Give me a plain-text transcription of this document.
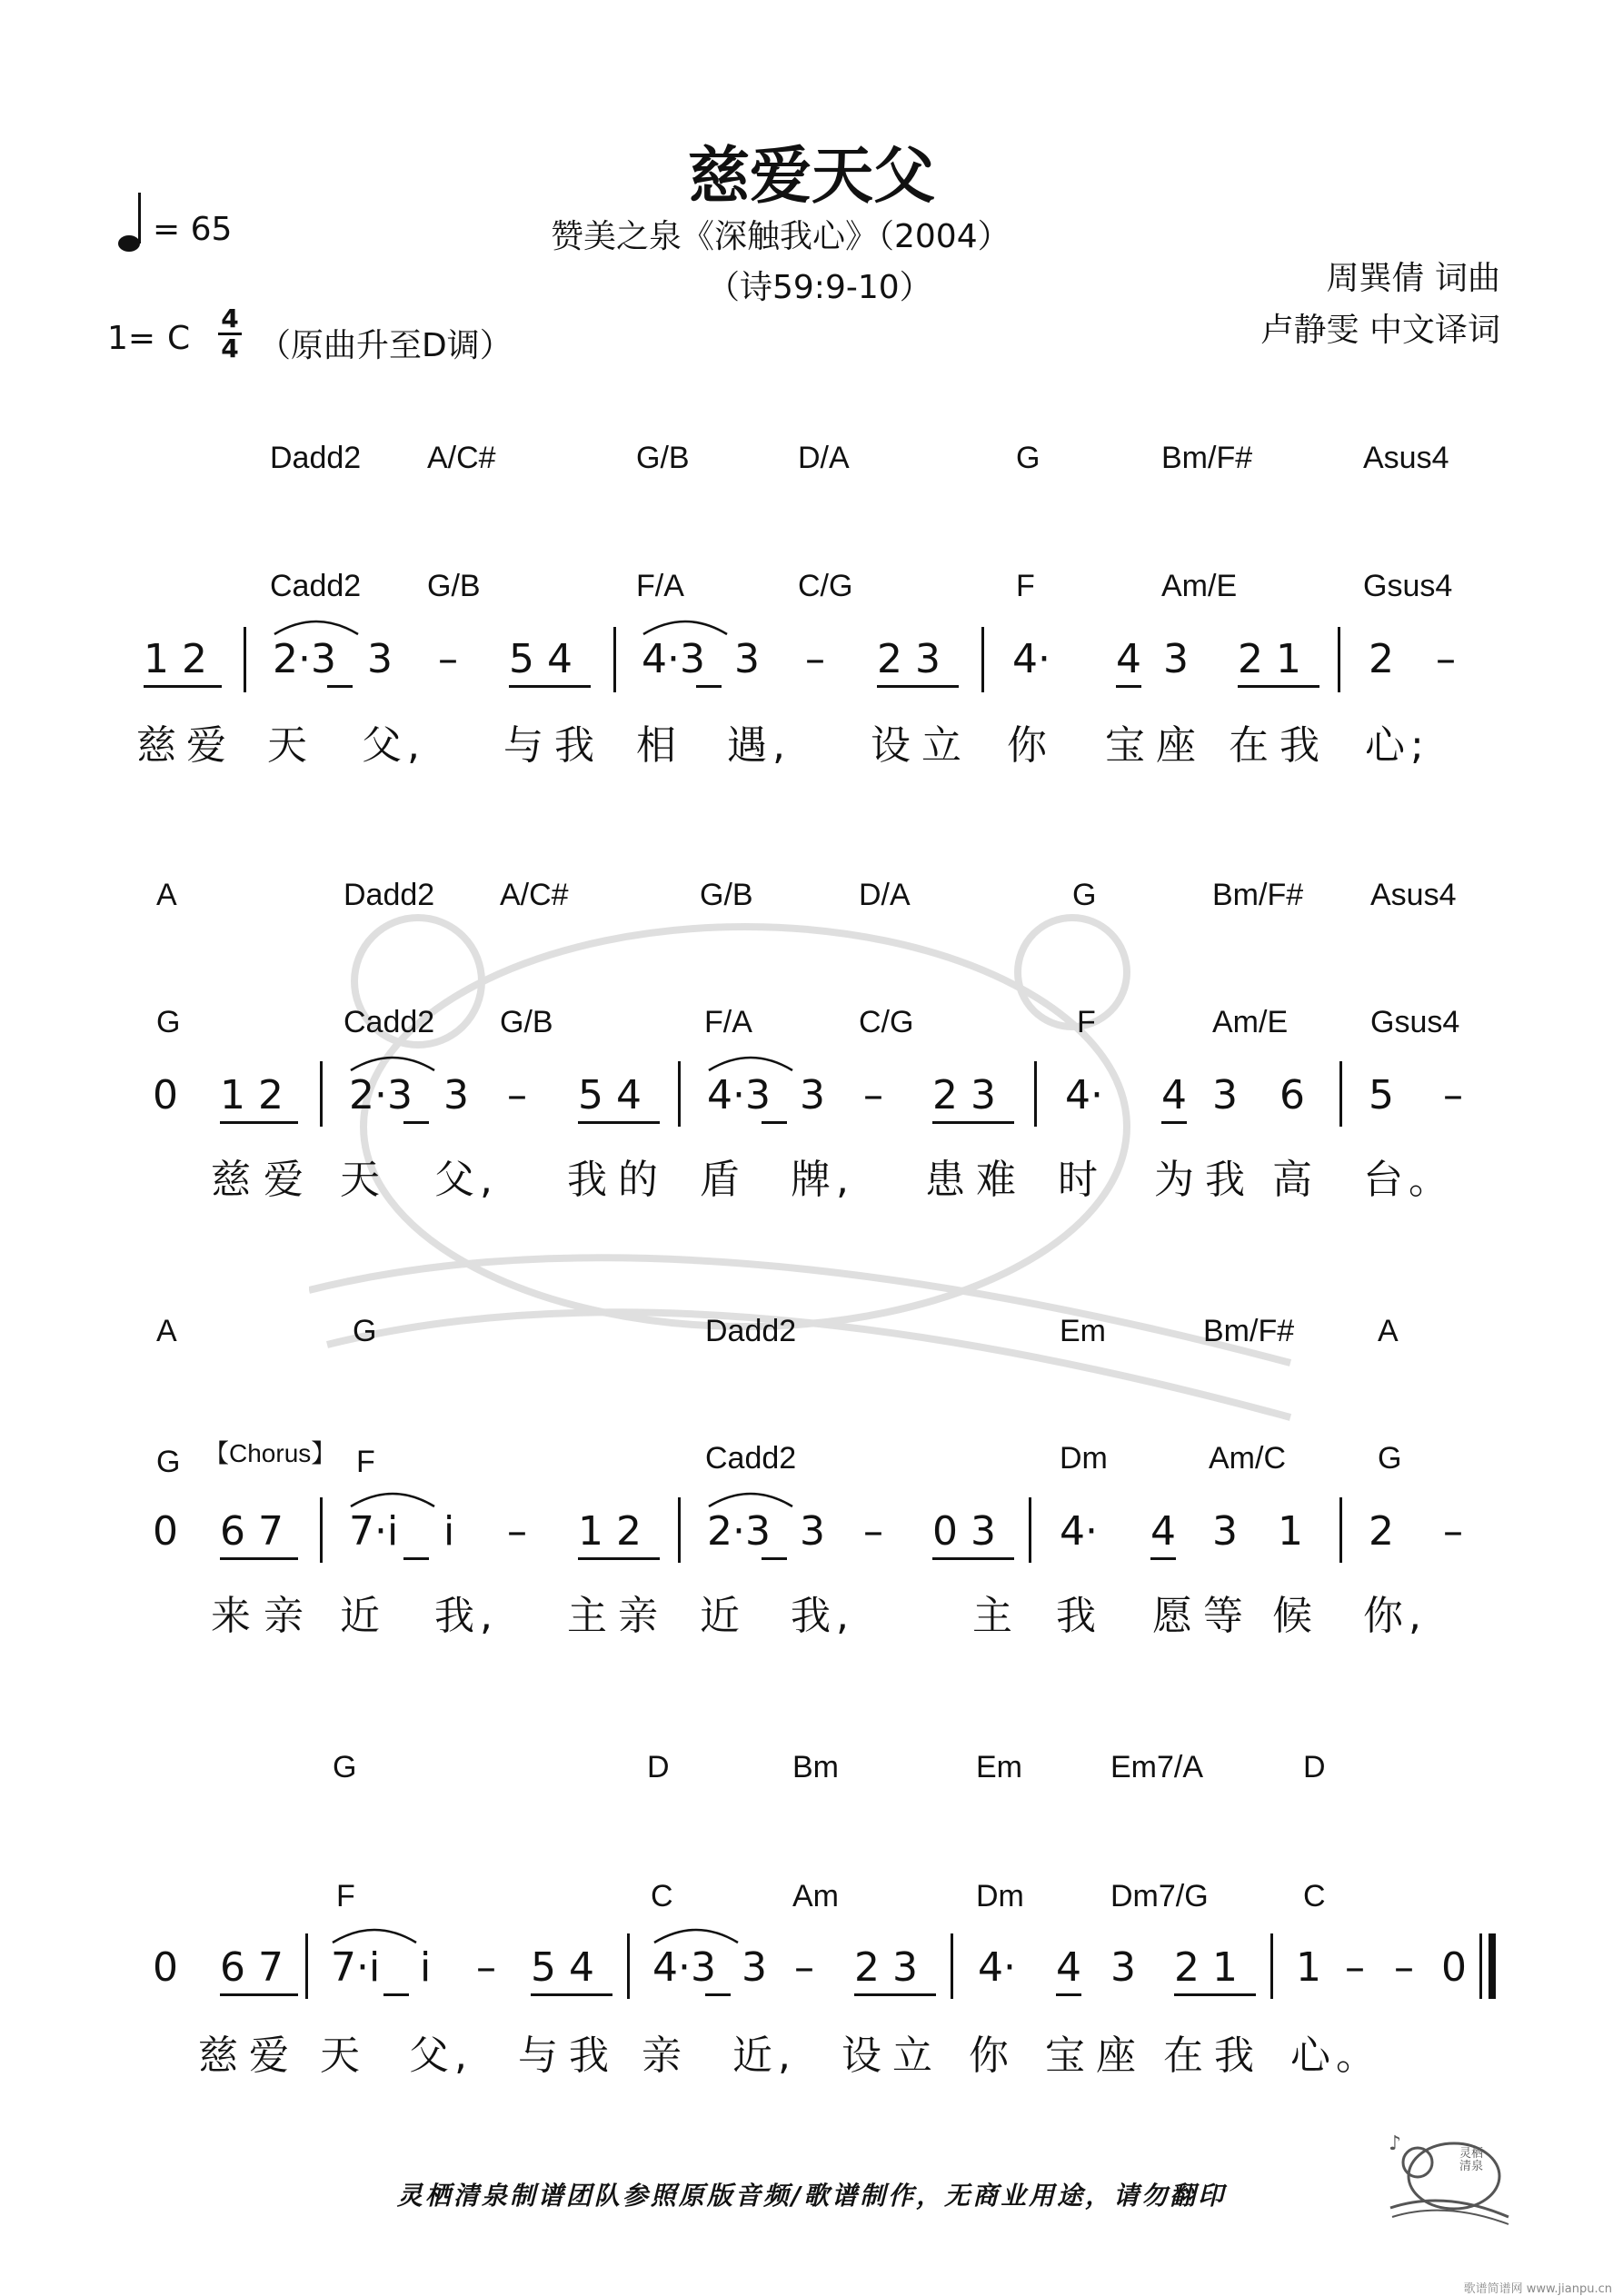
慈爱天父
= 65	赞美之泉《深触我心》（2004）
（诗59:9-10）	周巽倩 词曲
卢静雯 中文译词
1= C
4
4 （原曲升至D调）
Dadd2 A/C#	G/B	D/A	G	Bm/F#	Asus4
Cadd2 G/B	F/A	C/G	F	Am/E	Gsus4
1 2 2·3 3 – 5 4 4·3 3 – 2 3 4· 4 3 2 1 2 –
慈 爱 天 父, 与 我 相 遇, 设 立 你 宝 座 在 我 心;
A	Dadd2 A/C#	G/B	D/A	G	Bm/F# Asus4
G	Cadd2 G/B	F/A	C/G	F	Am/E	Gsus4
0 1 2 2·3 3 – 5 4 4·3 3 – 2 3 4· 4 3 6 5 –
慈 爱 天 父, 我 的 盾 牌, 患 难 时 为 我 高 台。
A	G	Dadd2	Em	Bm/F#	A
G 【Chorus】 F	Cadd2	Dm	Am/C	G
0 6 7 7·i i – 1 2 2·3 3 – 0 3 4· 4 3 1 2 –
来 亲 近 我, 主 亲 近 我,	主 我 愿 等 候 你,
G	D	Bm	Em	Em7/A	D
F	C	Am	Dm	Dm7/G	C
0 6 7 7·i i – 5 4 4·3 3 – 2 3 4· 4 3 2 1 1 – – 0
慈 爱 天 父, 与 我 亲 近, 设 立 你 宝 座 在 我 心。
灵栖清泉制谱团队参照原版音频/歌谱制作，无商业用途，请勿翻印
♪	灵栖清泉
歌谱简谱网 www.jianpu.cn
